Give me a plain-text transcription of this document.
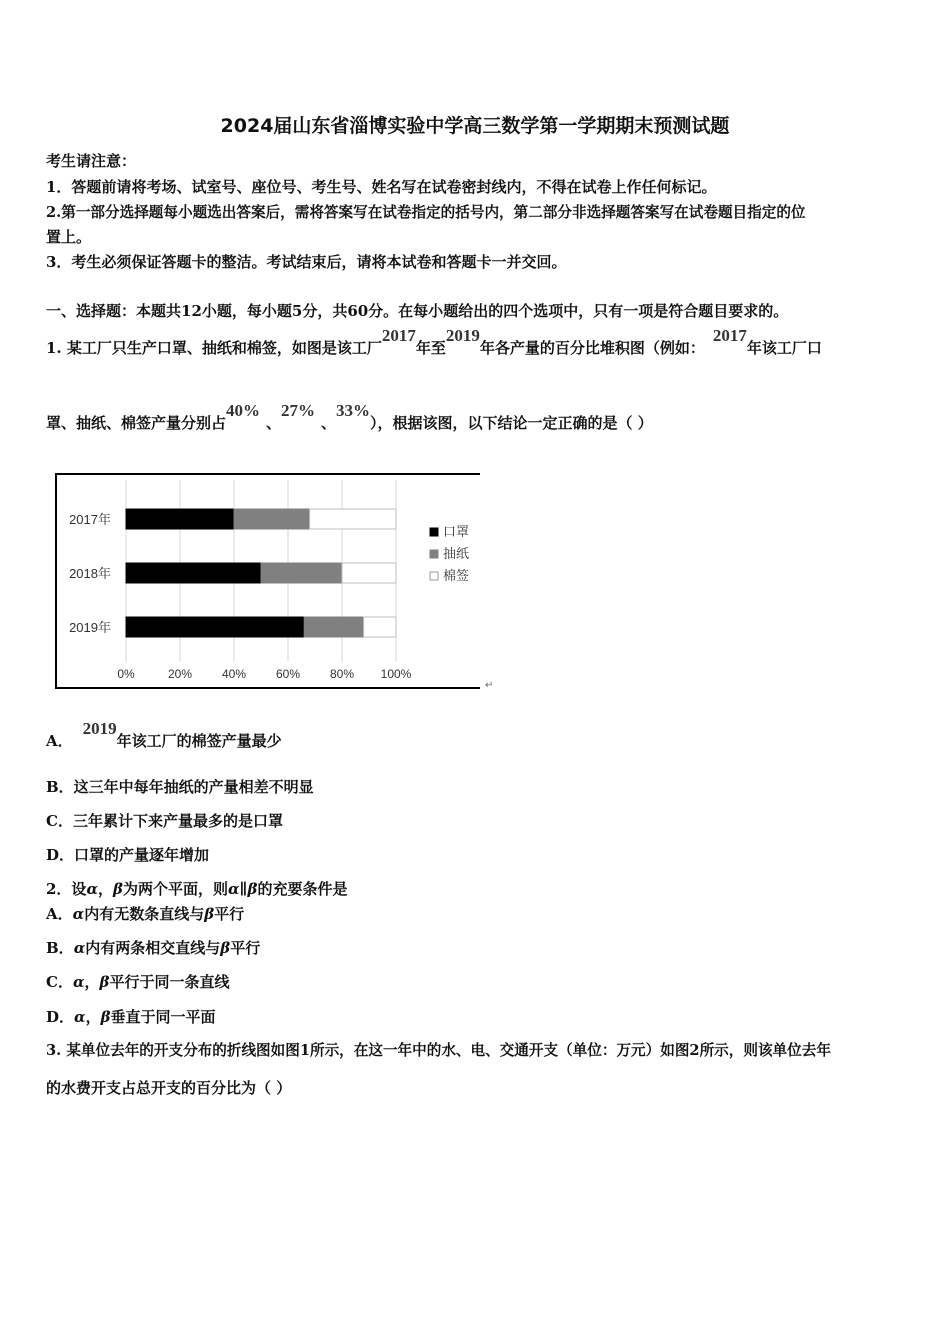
2024届山东省淄博实验中学高三数学第一学期期末预测试题
考生请注意：
1．答题前请将考场、试室号、座位号、考生号、姓名写在试卷密封线内，不得在试卷上作任何标记。
2.第一部分选择题每小题选出答案后，需将答案写在试卷指定的括号内，第二部分非选择题答案写在试卷题目指定的位
置上。
3．考生必须保证答题卡的整洁。考试结束后，请将本试卷和答题卡一并交回。
一、选择题：本题共12小题，每小题5分，共60分。在每小题给出的四个选项中，只有一项是符合题目要求的。
1. 某工厂只生产口罩、抽纸和棉签，如图是该工厂2017年至2019年各产量的百分比堆积图（例如：2017年该工厂口
罩、抽纸、棉签产量分别占40%、27%、33%），根据该图，以下结论一定正确的是（ ）
0%	20% 40% 60% 80% 100%
2017年
2018年
2019年
口罩
抽纸
棉签
↵
A．2019年该工厂的棉签产量最少
B．这三年中每年抽纸的产量相差不明显
C．三年累计下来产量最多的是口罩
D．口罩的产量逐年增加
2．设α，β为两个平面，则α∥β的充要条件是
A．α内有无数条直线与β平行
B．α内有两条相交直线与β平行
C．α，β平行于同一条直线
D．α，β垂直于同一平面
3. 某单位去年的开支分布的折线图如图1所示，在这一年中的水、电、交通开支（单位：万元）如图2所示，则该单位去年
的水费开支占总开支的百分比为（ ）
